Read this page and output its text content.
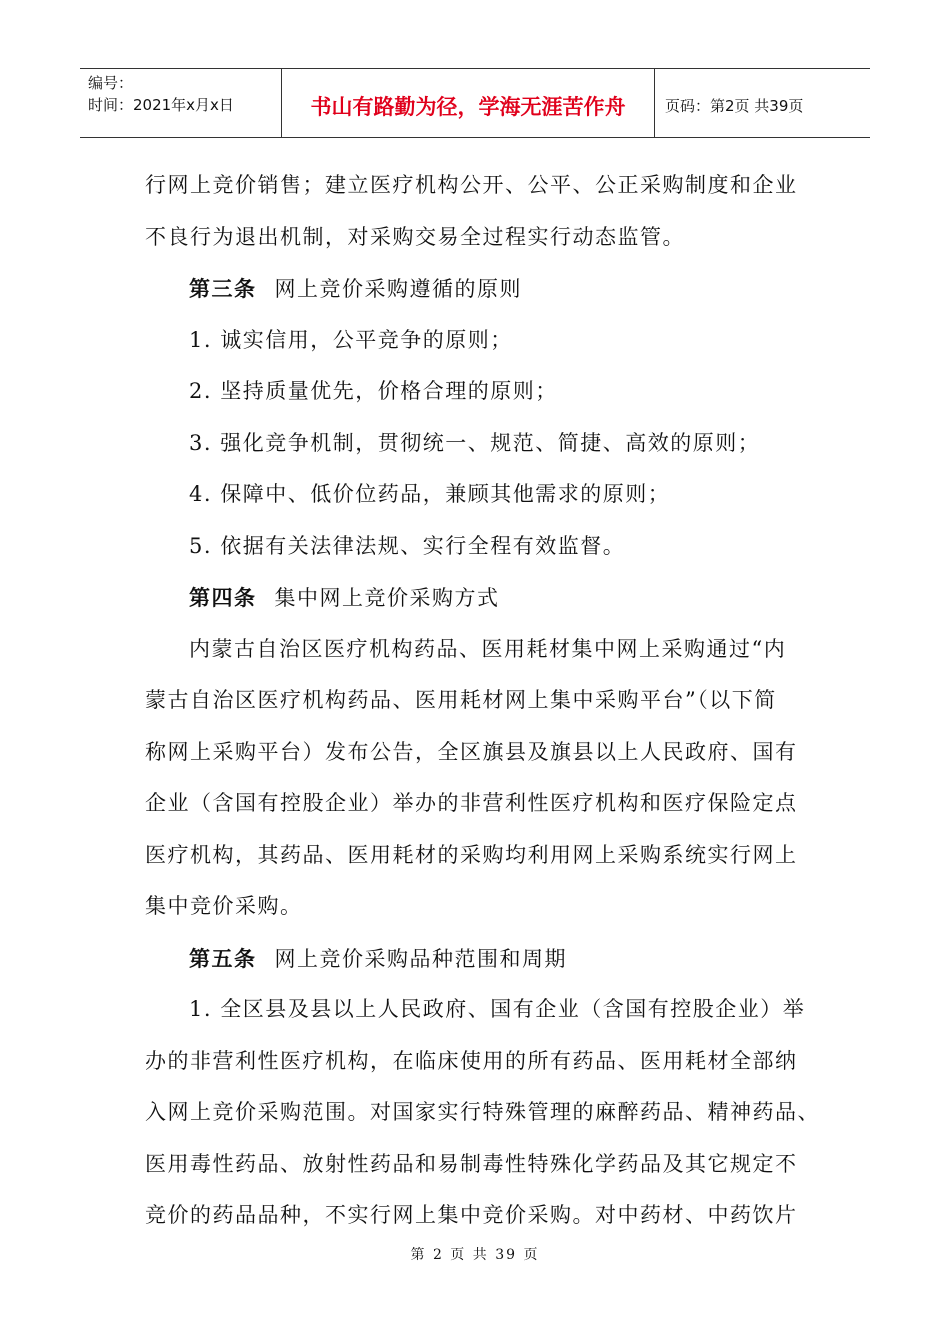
编号：
时间：2021年x月x日	书山有路勤为径，学海无涯苦作舟	页码：第2页 共39页
行网上竞价销售；建立医疗机构公开、公平、公正采购制度和企业
不良行为退出机制，对采购交易全过程实行动态监管。
第三条 网上竞价采购遵循的原则
1. 诚实信用，公平竞争的原则；
2. 坚持质量优先，价格合理的原则；
3. 强化竞争机制，贯彻统一、规范、简捷、高效的原则；
4. 保障中、低价位药品，兼顾其他需求的原则；
5. 依据有关法律法规、实行全程有效监督。
第四条 集中网上竞价采购方式
内蒙古自治区医疗机构药品、医用耗材集中网上采购通过“内
蒙古自治区医疗机构药品、医用耗材网上集中采购平台”（以下简
称网上采购平台）发布公告，全区旗县及旗县以上人民政府、国有
企业（含国有控股企业）举办的非营利性医疗机构和医疗保险定点
医疗机构，其药品、医用耗材的采购均利用网上采购系统实行网上
集中竞价采购。
第五条 网上竞价采购品种范围和周期
1. 全区县及县以上人民政府、国有企业（含国有控股企业）举
办的非营利性医疗机构，在临床使用的所有药品、医用耗材全部纳
入网上竞价采购范围。对国家实行特殊管理的麻醉药品、精神药品、
医用毒性药品、放射性药品和易制毒性特殊化学药品及其它规定不
竞价的药品品种，不实行网上集中竞价采购。对中药材、中药饮片
第 2 页 共 39 页
